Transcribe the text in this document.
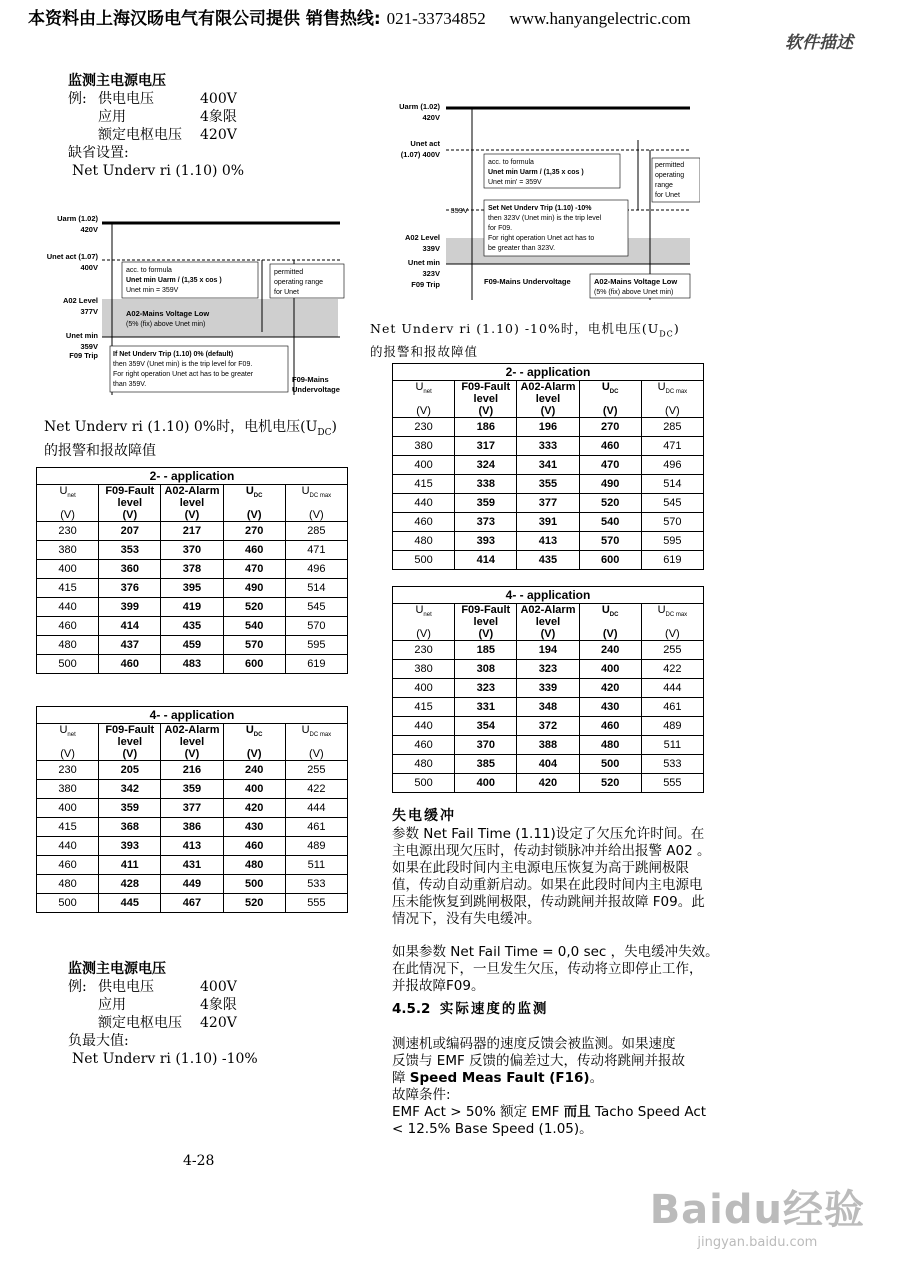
本资料由上海汉旸电气有限公司提供 销售热线: 021-33734852 www.hanyangelectric.com
软件描述
监测主电源电压
例: 供电电压	400V
应用	4象限
额定电枢电压	420V
缺省设置:
Net Underv ri (1.10) 0%
Uarm (1.02)
420V
Unet act (1.07)
400V
A02 Level
377V
Unet min
359V
F09 Trip
acc. to formula
Unet min Uarm / (1,35 x cos )
Unet min = 359V
permitted
operating range
for Unet
A02-Mains Voltage Low
(5% (fix) above Unet min)
If Net Underv Trip (1.10) 0% (default)
then 359V (Unet min) is the trip level for F09.
For right operation Unet act has to be greater
than 359V.
F09-Mains
Undervoltage
Net Underv ri (1.10) 0%时，电机电压$(U_{DC})$
的报警和报故障值
2- - application				
$U_{net}$	F09-Fault level	A02-Alarm level	$U_{DC}$	$U_{DC max}$
(V)	(V)	(V)	(V)	(V)
230	207	217	270	285
380	353	370	460	471
400	360	378	470	496
415	376	395	490	514
440	399	419	520	545
460	414	435	540	570
480	437	459	570	595
500	460	483	600	619
4- - application				
$U_{net}$	F09-Fault level	A02-Alarm level	$U_{DC}$	$U_{DC max}$
(V)	(V)	(V)	(V)	(V)
230	205	216	240	255
380	342	359	400	422
400	359	377	420	444
415	368	386	430	461
440	393	413	460	489
460	411	431	480	511
480	428	449	500	533
500	445	467	520	555
2- - application				
$U_{net}$	F09-Fault level	A02-Alarm level	$U_{DC}$	$U_{DC max}$
(V)	(V)	(V)	(V)	(V)
230	186	196	270	285
380	317	333	460	471
400	324	341	470	496
415	338	355	490	514
440	359	377	520	545
460	373	391	540	570
480	393	413	570	595
500	414	435	600	619
4- - application				
$U_{net}$	F09-Fault level	A02-Alarm level	$U_{DC}$	$U_{DC max}$
(V)	(V)	(V)	(V)	(V)
230	185	194	240	255
380	308	323	400	422
400	323	339	420	444
415	331	348	430	461
440	354	372	460	489
460	370	388	480	511
480	385	404	500	533
500	400	420	520	555
监测主电源电压
例: 供电电压	400V
应用	4象限
额定电枢电压	420V
负最大值:
Net Underv ri (1.10) -10%
4-28
Uarm (1.02)
420V
Unet act
(1.07) 400V
359V
A02 Level
339V
Unet min
323V
F09 Trip
acc. to formula
Unet min Uarm / (1,35 x cos )
Unet min' = 359V
permitted
operating
range
for Unet
Set Net Underv Trip (1.10) -10%
then 323V (Unet min) is the trip level
for F09.
For right operation Unet act has to
be greater than 323V.
F09-Mains Undervoltage	A02-Mains Voltage Low
(5% (fix) above Unet min)
Net Underv ri (1.10) -10%时，电机电压$(U_{DC})$
的报警和报故障值
失电缓冲
参数 Net Fail Time (1.11)设定了欠压允许时间。在
主电源出现欠压时，传动封锁脉冲并给出报警 A02 。
如果在此段时间内主电源电压恢复为高于跳闸极限
值，传动自动重新启动。如果在此段时间内主电源电
压未能恢复到跳闸极限，传动跳闸并报故障 F09。此
情况下，没有失电缓冲。
如果参数 Net Fail Time = 0,0 sec ，失电缓冲失效。
在此情况下，一旦发生欠压，传动将立即停止工作，
并报故障F09。
4.5.2 实际速度的监测
测速机或编码器的速度反馈会被监测。如果速度
反馈与 EMF 反馈的偏差过大，传动将跳闸并报故
障 Speed Meas Fault (F16)。
故障条件:
EMF Act > 50% 额定 EMF 而且 Tacho Speed Act
< 12.5% Base Speed (1.05)。
Baidu经验
jingyan.baidu.com
